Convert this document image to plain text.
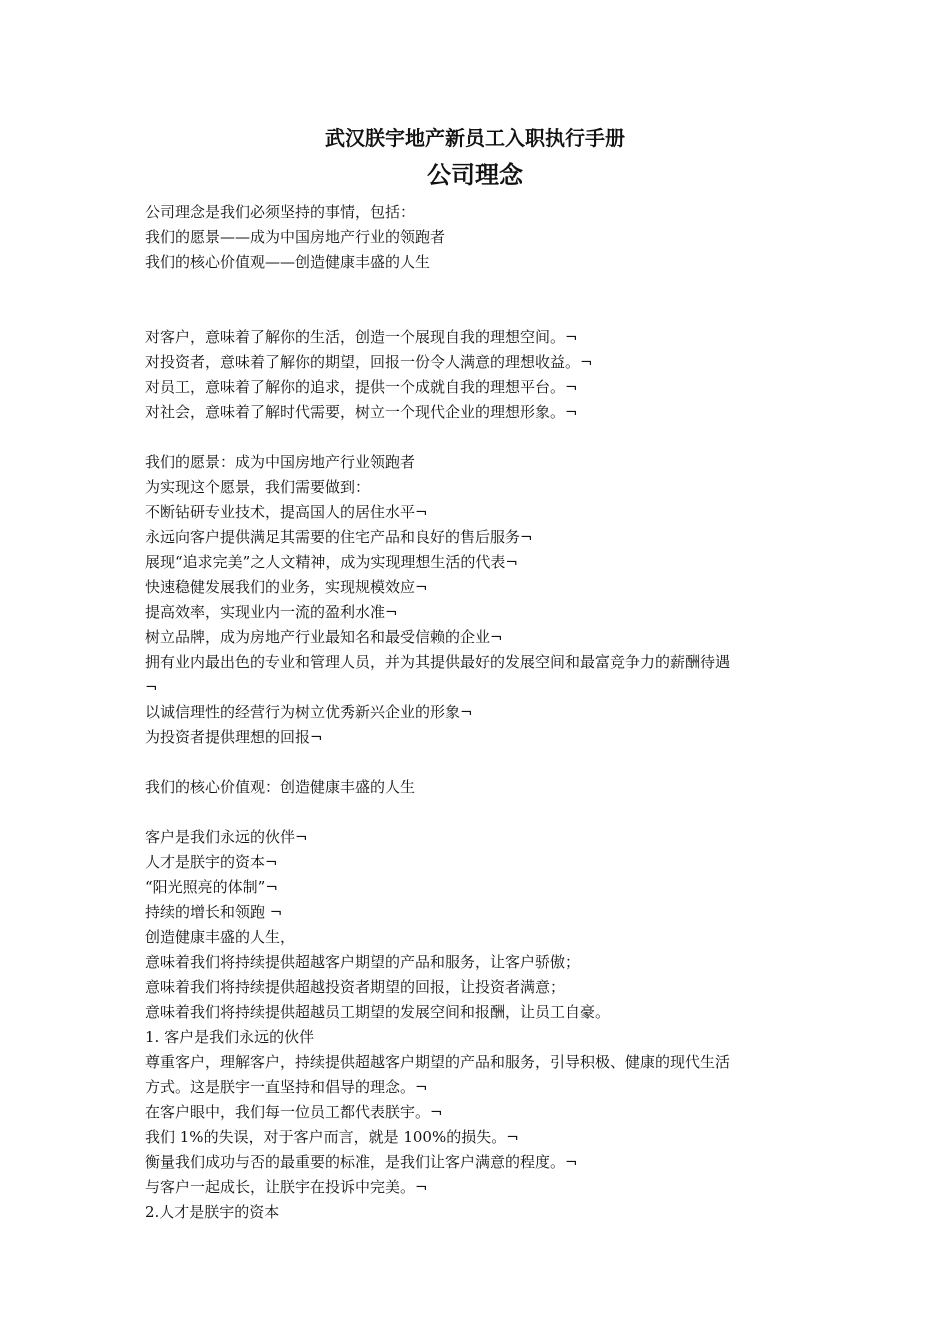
武汉朕宇地产新员工入职执行手册
公司理念
公司理念是我们必须坚持的事情，包括：
我们的愿景——成为中国房地产行业的领跑者
我们的核心价值观——创造健康丰盛的人生
对客户，意味着了解你的生活，创造一个展现自我的理想空间。¬
对投资者，意味着了解你的期望，回报一份令人满意的理想收益。¬
对员工，意味着了解你的追求，提供一个成就自我的理想平台。¬
对社会，意味着了解时代需要，树立一个现代企业的理想形象。¬
我们的愿景：成为中国房地产行业领跑者
为实现这个愿景，我们需要做到：
不断钻研专业技术，提高国人的居住水平¬
永远向客户提供满足其需要的住宅产品和良好的售后服务¬
展现“追求完美”之人文精神，成为实现理想生活的代表¬
快速稳健发展我们的业务，实现规模效应¬
提高效率，实现业内一流的盈利水准¬
树立品牌，成为房地产行业最知名和最受信赖的企业¬
拥有业内最出色的专业和管理人员，并为其提供最好的发展空间和最富竞争力的薪酬待遇
¬
以诚信理性的经营行为树立优秀新兴企业的形象¬
为投资者提供理想的回报¬
我们的核心价值观：创造健康丰盛的人生
客户是我们永远的伙伴¬
人才是朕宇的资本¬
“阳光照亮的体制”¬
持续的增长和领跑 ¬
创造健康丰盛的人生，
意味着我们将持续提供超越客户期望的产品和服务，让客户骄傲；
意味着我们将持续提供超越投资者期望的回报，让投资者满意；
意味着我们将持续提供超越员工期望的发展空间和报酬，让员工自豪。
1. 客户是我们永远的伙伴
尊重客户，理解客户，持续提供超越客户期望的产品和服务，引导积极、健康的现代生活
方式。这是朕宇一直坚持和倡导的理念。¬
在客户眼中，我们每一位员工都代表朕宇。¬
我们 1%的失误，对于客户而言，就是 100%的损失。¬
衡量我们成功与否的最重要的标准，是我们让客户满意的程度。¬
与客户一起成长，让朕宇在投诉中完美。¬
2.人才是朕宇的资本
